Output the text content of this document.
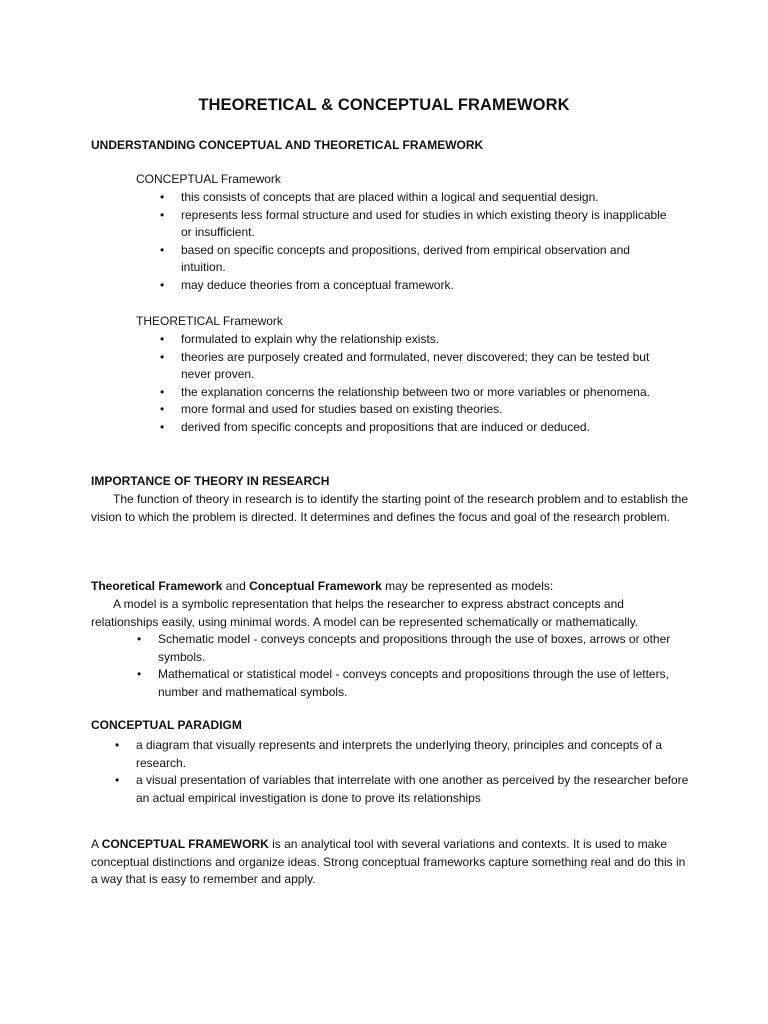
THEORETICAL & CONCEPTUAL FRAMEWORK
UNDERSTANDING CONCEPTUAL AND THEORETICAL FRAMEWORK
CONCEPTUAL Framework
• this consists of concepts that are placed within a logical and sequential design.
• represents less formal structure and used for studies in which existing theory is inapplicable or insufficient.
• based on specific concepts and propositions, derived from empirical observation and intuition.
• may deduce theories from a conceptual framework.
THEORETICAL Framework
• formulated to explain why the relationship exists.
• theories are purposely created and formulated, never discovered; they can be tested but never proven.
• the explanation concerns the relationship between two or more variables or phenomena.
• more formal and used for studies based on existing theories.
• derived from specific concepts and propositions that are induced or deduced.
IMPORTANCE OF THEORY IN RESEARCH
The function of theory in research is to identify the starting point of the research problem and to establish the vision to which the problem is directed. It determines and defines the focus and goal of the research problem.
Theoretical Framework and Conceptual Framework may be represented as models:
A model is a symbolic representation that helps the researcher to express abstract concepts and relationships easily, using minimal words. A model can be represented schematically or mathematically.
• Schematic model - conveys concepts and propositions through the use of boxes, arrows or other symbols.
• Mathematical or statistical model - conveys concepts and propositions through the use of letters, number and mathematical symbols.
CONCEPTUAL PARADIGM
• a diagram that visually represents and interprets the underlying theory, principles and concepts of a research.
• a visual presentation of variables that interrelate with one another as perceived by the researcher before an actual empirical investigation is done to prove its relationships
A CONCEPTUAL FRAMEWORK is an analytical tool with several variations and contexts. It is used to make conceptual distinctions and organize ideas. Strong conceptual frameworks capture something real and do this in a way that is easy to remember and apply.
